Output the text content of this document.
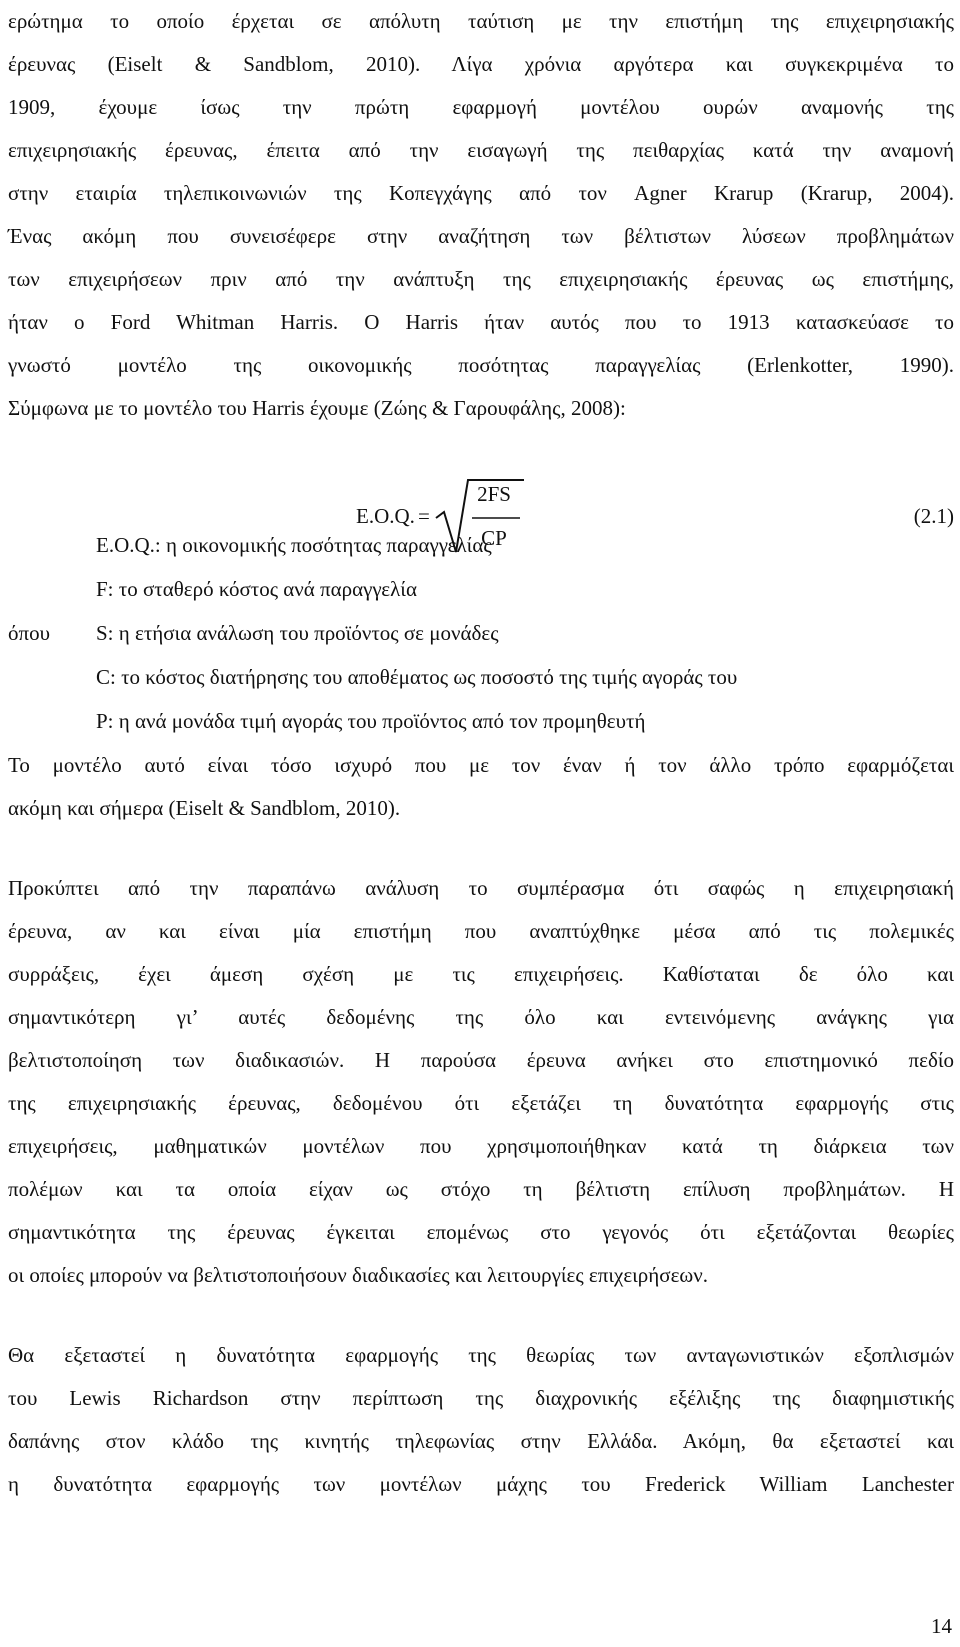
ερώτημα το οποίο έρχεται σε απόλυτη ταύτιση με την επιστήμη της επιχειρησιακής
έρευνας (Eiselt & Sandblom, 2010). Λίγα χρόνια αργότερα και συγκεκριμένα το
1909, έχουμε ίσως την πρώτη εφαρμογή μοντέλου ουρών αναμονής της
επιχειρησιακής έρευνας, έπειτα από την εισαγωγή της πειθαρχίας κατά την αναμονή
στην εταιρία τηλεπικοινωνιών της Κοπεγχάγης από τον Agner Krarup (Krarup, 2004).
Ένας ακόμη που συνεισέφερε στην αναζήτηση των βέλτιστων λύσεων προβλημάτων
των επιχειρήσεων πριν από την ανάπτυξη της επιχειρησιακής έρευνας ως επιστήμης,
ήταν ο Ford Whitman Harris. Ο Harris ήταν αυτός που το 1913 κατασκεύασε το
γνωστό μοντέλο της οικονομικής ποσότητας παραγγελίας (Erlenkotter, 1990).
Σύμφωνα με το μοντέλο του Harris έχουμε (Ζώης & Γαρουφάλης, 2008):
E.O.Q. =
2FS
CP
(2.1)
όπου
E.O.Q.: η οικονομικής ποσότητας παραγγελίας
F: το σταθερό κόστος ανά παραγγελία
S: η ετήσια ανάλωση του προϊόντος σε μονάδες
C: το κόστος διατήρησης του αποθέματος ως ποσοστό της τιμής αγοράς του
P: η ανά μονάδα τιμή αγοράς του προϊόντος από τον προμηθευτή
Το μοντέλο αυτό είναι τόσο ισχυρό που με τον έναν ή τον άλλο τρόπο εφαρμόζεται
ακόμη και σήμερα (Eiselt & Sandblom, 2010).
Προκύπτει από την παραπάνω ανάλυση το συμπέρασμα ότι σαφώς η επιχειρησιακή
έρευνα, αν και είναι μία επιστήμη που αναπτύχθηκε μέσα από τις πολεμικές
συρράξεις, έχει άμεση σχέση με τις επιχειρήσεις. Καθίσταται δε όλο και
σημαντικότερη γι’ αυτές δεδομένης της όλο και εντεινόμενης ανάγκης για
βελτιστοποίηση των διαδικασιών. Η παρούσα έρευνα ανήκει στο επιστημονικό πεδίο
της επιχειρησιακής έρευνας, δεδομένου ότι εξετάζει τη δυνατότητα εφαρμογής στις
επιχειρήσεις, μαθηματικών μοντέλων που χρησιμοποιήθηκαν κατά τη διάρκεια των
πολέμων και τα οποία είχαν ως στόχο τη βέλτιστη επίλυση προβλημάτων. Η
σημαντικότητα της έρευνας έγκειται επομένως στο γεγονός ότι εξετάζονται θεωρίες
οι οποίες μπορούν να βελτιστοποιήσουν διαδικασίες και λειτουργίες επιχειρήσεων.
Θα εξεταστεί η δυνατότητα εφαρμογής της θεωρίας των ανταγωνιστικών εξοπλισμών
του Lewis Richardson στην περίπτωση της διαχρονικής εξέλιξης της διαφημιστικής
δαπάνης στον κλάδο της κινητής τηλεφωνίας στην Ελλάδα. Ακόμη, θα εξεταστεί και
η δυνατότητα εφαρμογής των μοντέλων μάχης του Frederick William Lanchester
14
